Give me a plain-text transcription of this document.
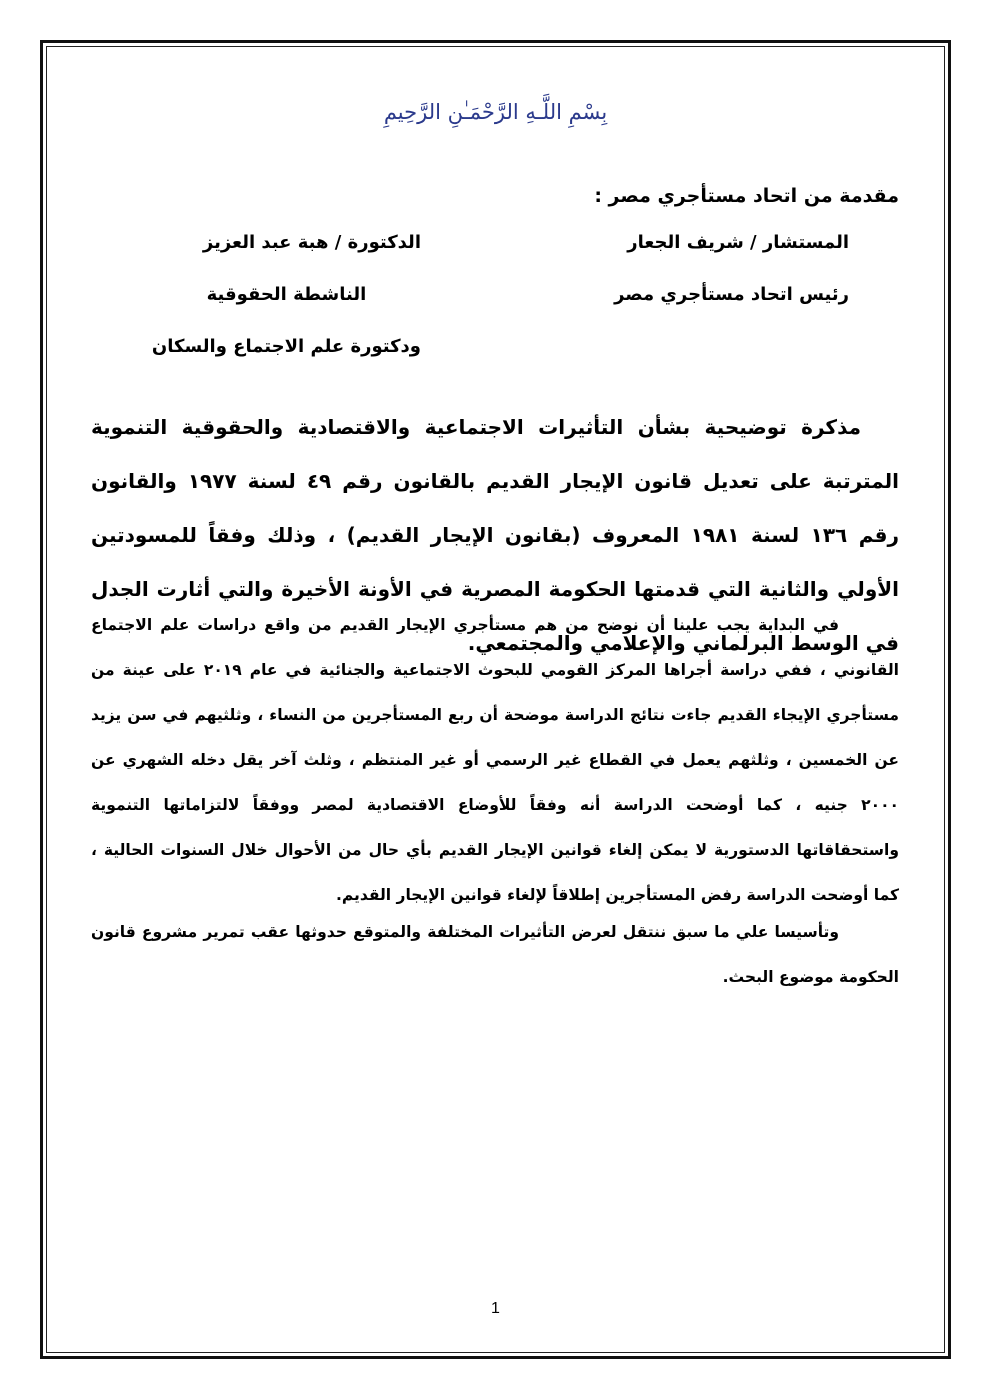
بِسْمِ اللَّـهِ الرَّحْمَـٰنِ الرَّحِيمِ
مقدمة من اتحاد مستأجري مصر :
المستشار / شريف الجعار
رئيس اتحاد مستأجري مصر
الدكتورة / هبة عبد العزيز
الناشطة الحقوقية
ودكتورة علم الاجتماع والسكان
مذكرة توضيحية بشأن التأثيرات الاجتماعية والاقتصادية والحقوقية التنموية المترتبة على تعديل قانون الإيجار القديم بالقانون رقم ٤٩ لسنة ١٩٧٧ والقانون رقم ١٣٦ لسنة ١٩٨١ المعروف (بقانون الإيجار القديم) ، وذلك وفقاً للمسودتين الأولي والثانية التي قدمتها الحكومة المصرية في الأونة الأخيرة والتي أثارت الجدل في الوسط البرلماني والإعلامي والمجتمعي.
في البداية يجب علينا أن نوضح من هم مستأجري الإيجار القديم من واقع دراسات علم الاجتماع القانوني ، ففي دراسة أجراها المركز القومي للبحوث الاجتماعية والجنائية في عام ٢٠١٩ على عينة من مستأجري الإيجاء القديم جاءت نتائج الدراسة موضحة أن ربع المستأجرين من النساء ، وثلثيهم في سن يزيد عن الخمسين ، وثلثهم يعمل في القطاع غير الرسمي أو غير المنتظم ، وثلث آخر يقل دخله الشهري عن ٢٠٠٠ جنيه ، كما أوضحت الدراسة أنه وفقاً للأوضاع الاقتصادية لمصر ووفقاً لالتزاماتها التنموية واستحقاقاتها الدستورية لا يمكن إلغاء قوانين الإيجار القديم بأي حال من الأحوال خلال السنوات الحالية ، كما أوضحت الدراسة رفض المستأجرين إطلاقاً لإلغاء قوانين الإيجار القديم.
وتأسيسا علي ما سبق ننتقل لعرض التأثيرات المختلفة والمتوقع حدوثها عقب تمرير مشروع قانون الحكومة موضوع البحث.
1
